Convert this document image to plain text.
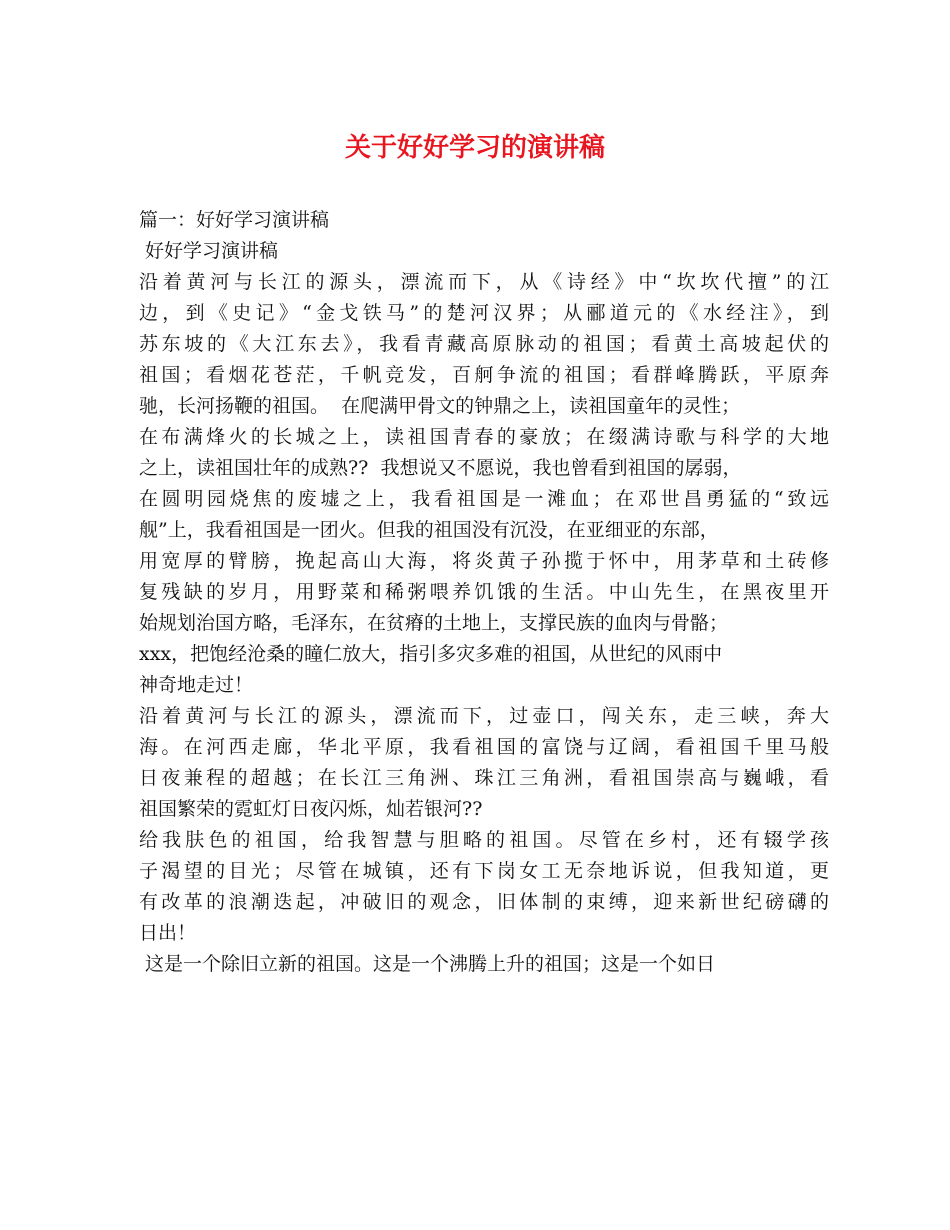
关于好好学习的演讲稿
篇一：好好学习演讲稿
好好学习演讲稿
沿着黄河与长江的源头，漂流而下，从《诗经》中“坎坎代擅”的江
边，到《史记》“金戈铁马”的楚河汉界；从郦道元的《水经注》，到
苏东坡的《大江东去》，我看青藏高原脉动的祖国；看黄土高坡起伏的
祖国；看烟花苍茫，千帆竞发，百舸争流的祖国；看群峰腾跃，平原奔
驰，长河扬鞭的祖国。  在爬满甲骨文的钟鼎之上，读祖国童年的灵性；
在布满烽火的长城之上，读祖国青春的豪放；在缀满诗歌与科学的大地
之上，读祖国壮年的成熟??  我想说又不愿说，我也曾看到祖国的孱弱，
在圆明园烧焦的废墟之上，我看祖国是一滩血；在邓世昌勇猛的“致远
舰”上，我看祖国是一团火。但我的祖国没有沉没，在亚细亚的东部，
用宽厚的臂膀，挽起高山大海，将炎黄子孙揽于怀中，用茅草和土砖修
复残缺的岁月，用野菜和稀粥喂养饥饿的生活。中山先生，在黑夜里开
始规划治国方略，毛泽东，在贫瘠的土地上，支撑民族的血肉与骨骼；
xxx，把饱经沧桑的瞳仁放大，指引多灾多难的祖国，从世纪的风雨中
神奇地走过！
沿着黄河与长江的源头，漂流而下，过壶口，闯关东，走三峡，奔大
海。在河西走廊，华北平原，我看祖国的富饶与辽阔，看祖国千里马般
日夜兼程的超越；在长江三角洲、珠江三角洲，看祖国崇高与巍峨，看
祖国繁荣的霓虹灯日夜闪烁，灿若银河??
给我肤色的祖国，给我智慧与胆略的祖国。尽管在乡村，还有辍学孩
子渴望的目光；尽管在城镇，还有下岗女工无奈地诉说，但我知道，更
有改革的浪潮迭起，冲破旧的观念，旧体制的束缚，迎来新世纪磅礴的
日出！
这是一个除旧立新的祖国。这是一个沸腾上升的祖国；这是一个如日
